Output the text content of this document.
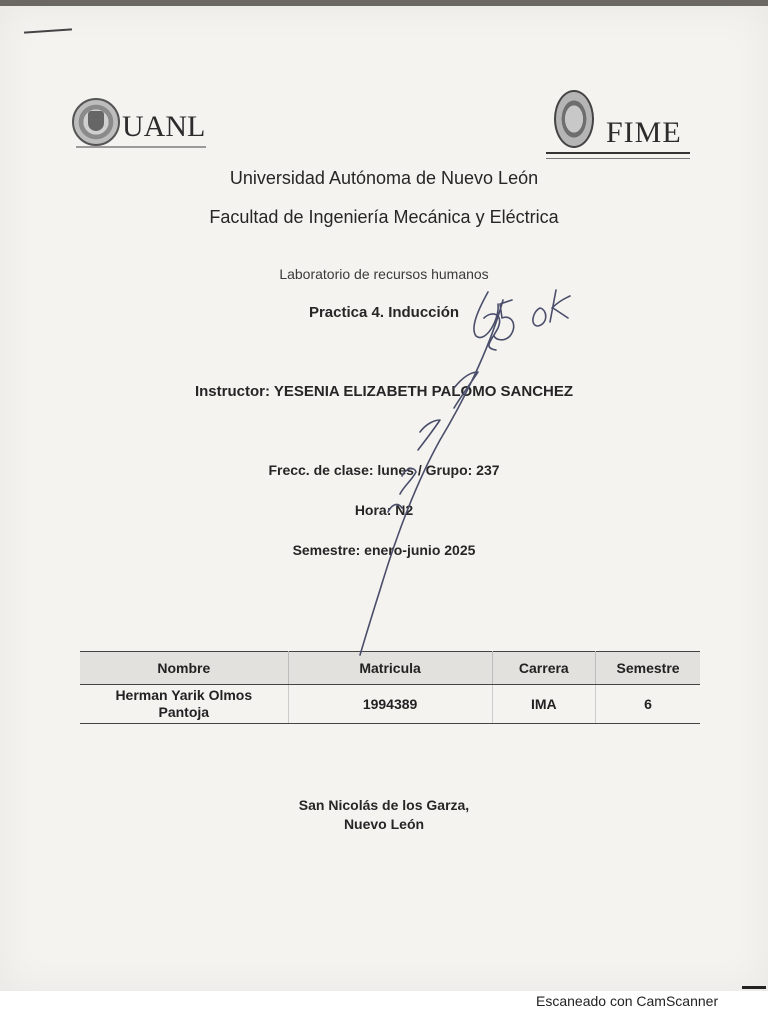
UANL	FIME
Universidad Autónoma de Nuevo León
Facultad de Ingeniería Mecánica y Eléctrica
Laboratorio de recursos humanos
Practica 4. Inducción
Instructor: YESENIA ELIZABETH PALOMO SANCHEZ
Frecc. de clase: lunes / Grupo: 237
Hora: N2
Semestre: enero-junio 2025
Nombre	Matricula	Carrera	Semestre

Herman Yarik Olmos
Pantoja	1994389	IMA	6
San Nicolás de los Garza,
Nuevo León
Escaneado con CamScanner
